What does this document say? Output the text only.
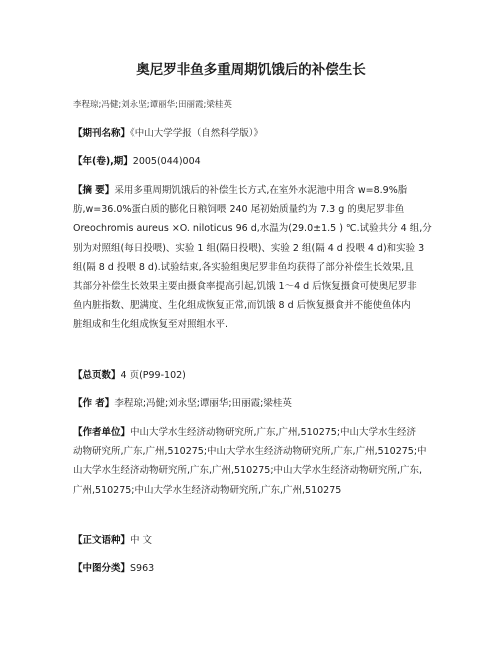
奥尼罗非鱼多重周期饥饿后的补偿生长
李程琼;冯健;刘永坚;谭丽华;田丽霞;梁桂英
【期刊名称】《中山大学学报（自然科学版）》
【年(卷),期】2005(044)004
【摘 要】采用多重周期饥饿后的补偿生长方式,在室外水泥池中用含 w=8.9%脂
肪,w=36.0%蛋白质的膨化日粮饲喂 240 尾初始质量约为 7.3 g 的奥尼罗非鱼
Oreochromis aureus ×O. niloticus 96 d,水温为(29.0±1.5 ) ℃.试验共分 4 组,分
别为对照组(每日投喂)、实验 1 组(隔日投喂)、实验 2 组(隔 4 d 投喂 4 d)和实验 3
组(隔 8 d 投喂 8 d).试验结束,各实验组奥尼罗非鱼均获得了部分补偿生长效果,且
其部分补偿生长效果主要由摄食率提高引起,饥饿 1～4 d 后恢复摄食可使奥尼罗非
鱼内脏指数、肥满度、生化组成恢复正常,而饥饿 8 d 后恢复摄食并不能使鱼体内
脏组成和生化组成恢复至对照组水平.
【总页数】4 页(P99-102)
【作 者】李程琼;冯健;刘永坚;谭丽华;田丽霞;梁桂英
【作者单位】中山大学水生经济动物研究所,广东,广州,510275;中山大学水生经济
动物研究所,广东,广州,510275;中山大学水生经济动物研究所,广东,广州,510275;中
山大学水生经济动物研究所,广东,广州,510275;中山大学水生经济动物研究所,广东,
广州,510275;中山大学水生经济动物研究所,广东,广州,510275
【正文语种】中 文
【中图分类】S963
